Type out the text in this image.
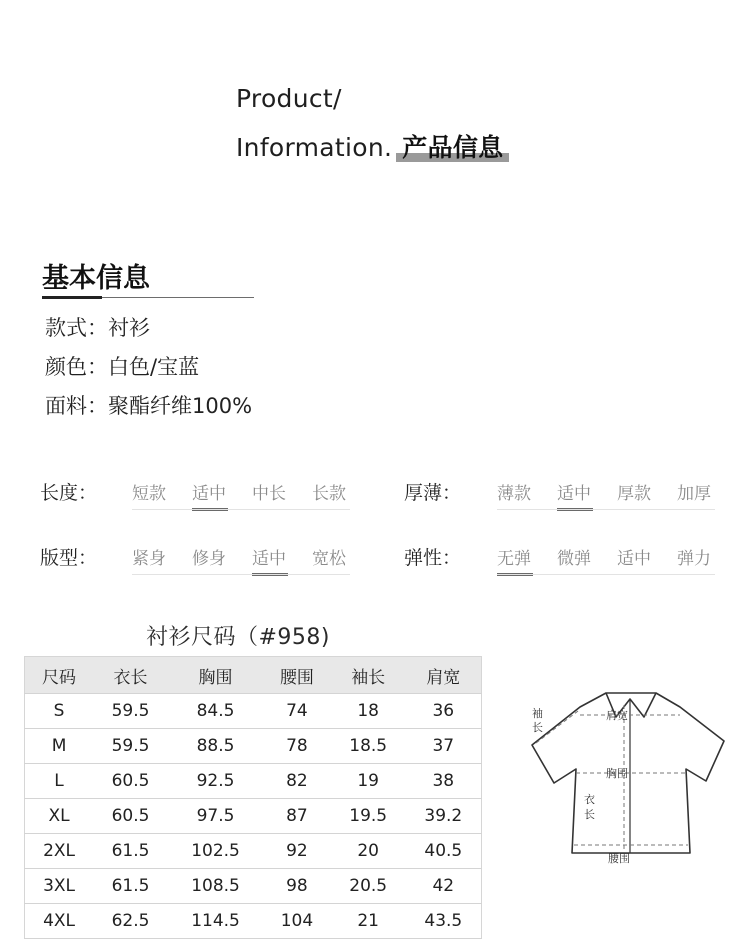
Product/
Information. 产品信息
基本信息
款式：衬衫
颜色：白色/宝蓝
面料：聚酯纤维100%
长度： 短款	适中	中长	长款	厚薄： 薄款	适中	厚款	加厚
版型： 紧身	修身	适中	宽松	弹性： 无弹	微弹	适中	弹力
衬衫尺码（#958)
尺码	衣长	胸围	腰围	袖长	肩宽
S	59.5	84.5	74	18	36
M	59.5	88.5	78	18.5	37
L	60.5	92.5	82	19	38
XL	60.5	97.5	87	19.5	39.2
2XL	61.5	102.5	92	20	40.5
3XL	61.5	108.5	98	20.5	42
4XL	62.5	114.5	104	21	43.5
袖
长
肩宽
胸围
衣
长
腰围
